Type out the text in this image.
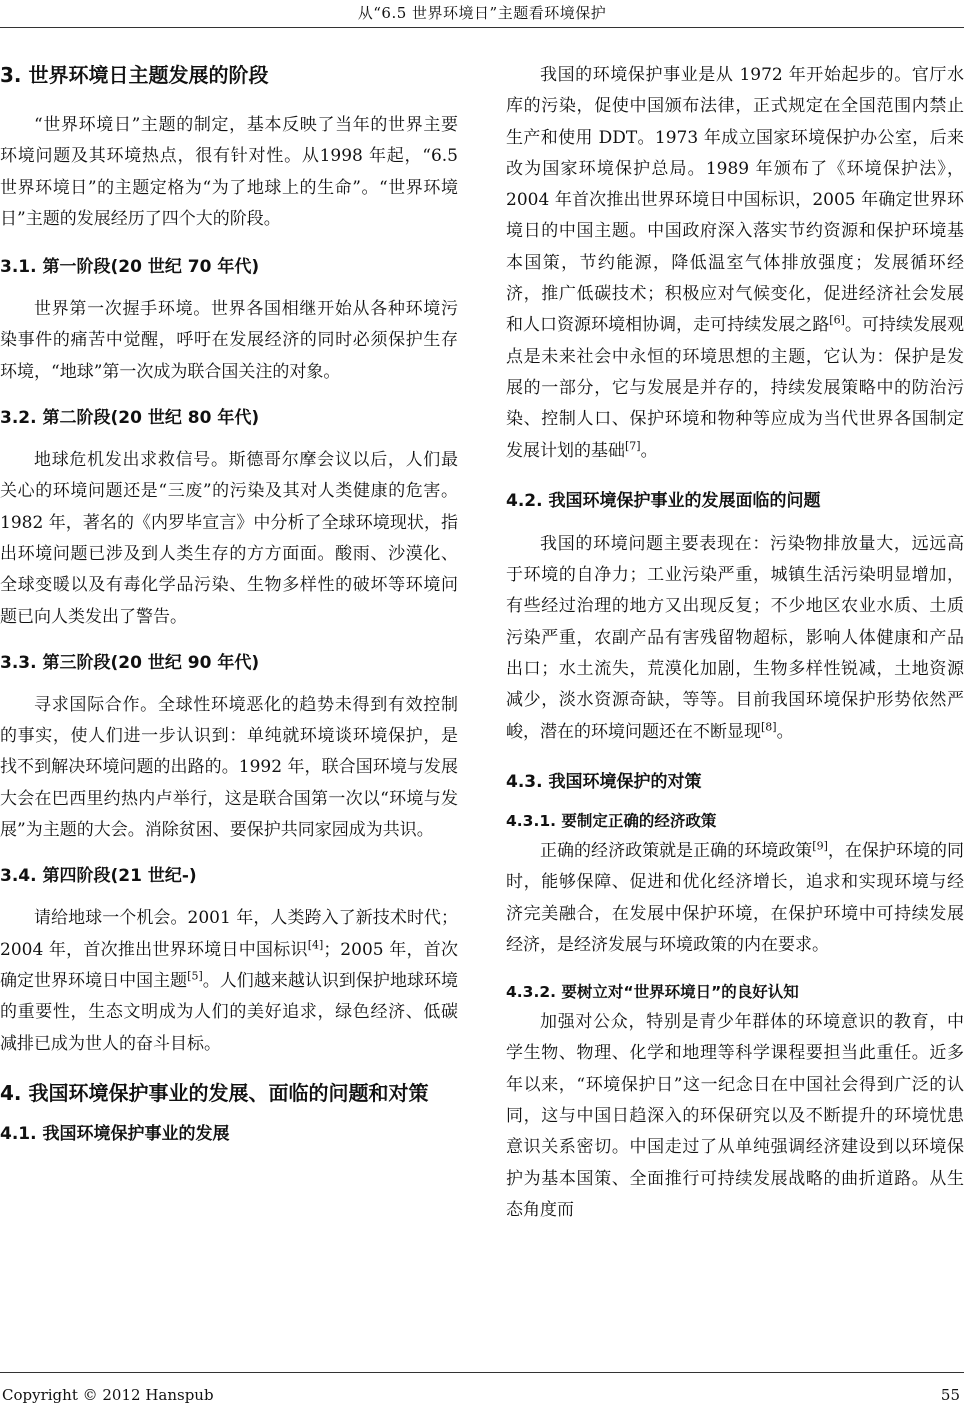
从“6.5 世界环境日”主题看环境保护
3. 世界环境日主题发展的阶段

“世界环境日”主题的制定，基本反映了当年的世界主要环境问题及其环境热点，很有针对性。从1998 年起，“6.5 世界环境日”的主题定格为“为了地球上的生命”。“世界环境日”主题的发展经历了四个大的阶段。

3.1. 第一阶段(20 世纪 70 年代)

世界第一次握手环境。世界各国相继开始从各种环境污染事件的痛苦中觉醒，呼吁在发展经济的同时必须保护生存环境，“地球”第一次成为联合国关注的对象。

3.2. 第二阶段(20 世纪 80 年代)

地球危机发出求救信号。斯德哥尔摩会议以后，人们最关心的环境问题还是“三废”的污染及其对人类健康的危害。1982 年，著名的《内罗毕宣言》中分析了全球环境现状，指出环境问题已涉及到人类生存的方方面面。酸雨、沙漠化、全球变暖以及有毒化学品污染、生物多样性的破坏等环境问题已向人类发出了警告。

3.3. 第三阶段(20 世纪 90 年代)

寻求国际合作。全球性环境恶化的趋势未得到有效控制的事实，使人们进一步认识到：单纯就环境谈环境保护，是找不到解决环境问题的出路的。1992 年，联合国环境与发展大会在巴西里约热内卢举行，这是联合国第一次以“环境与发展”为主题的大会。消除贫困、要保护共同家园成为共识。

3.4. 第四阶段(21 世纪-)

请给地球一个机会。2001 年，人类跨入了新技术时代；2004 年，首次推出世界环境日中国标识[4]；2005 年，首次确定世界环境日中国主题[5]。人们越来越认识到保护地球环境的重要性，生态文明成为人们的美好追求，绿色经济、低碳减排已成为世人的奋斗目标。

4. 我国环境保护事业的发展、面临的问题和对策
4.1. 我国环境保护事业的发展

我国的环境保护事业是从 1972 年开始起步的。官厅水库的污染，促使中国颁布法律，正式规定在全国范围内禁止生产和使用 DDT。1973 年成立国家环境保护办公室，后来改为国家环境保护总局。1989 年颁布了《环境保护法》，2004 年首次推出世界环境日中国标识，2005 年确定世界环境日的中国主题。中国政府深入落实节约资源和保护环境基本国策，节约能源，降低温室气体排放强度；发展循环经济，推广低碳技术；积极应对气候变化，促进经济社会发展和人口资源环境相协调，走可持续发展之路[6]。可持续发展观点是未来社会中永恒的环境思想的主题，它认为：保护是发展的一部分，它与发展是并存的，持续发展策略中的防治污染、控制人口、保护环境和物种等应成为当代世界各国制定发展计划的基础[7]。

4.2. 我国环境保护事业的发展面临的问题

我国的环境问题主要表现在：污染物排放量大，远远高于环境的自净力；工业污染严重，城镇生活污染明显增加，有些经过治理的地方又出现反复；不少地区农业水质、土质污染严重，农副产品有害残留物超标，影响人体健康和产品出口；水土流失，荒漠化加剧，生物多样性锐减，土地资源减少，淡水资源奇缺，等等。目前我国环境保护形势依然严峻，潜在的环境问题还在不断显现[8]。

4.3. 我国环境保护的对策
4.3.1. 要制定正确的经济政策

正确的经济政策就是正确的环境政策[9]，在保护环境的同时，能够保障、促进和优化经济增长，追求和实现环境与经济完美融合，在发展中保护环境，在保护环境中可持续发展经济，是经济发展与环境政策的内在要求。

4.3.2. 要树立对“世界环境日”的良好认知

加强对公众，特别是青少年群体的环境意识的教育，中学生物、物理、化学和地理等科学课程要担当此重任。近多年以来，“环境保护日”这一纪念日在中国社会得到广泛的认同，这与中国日趋深入的环保研究以及不断提升的环境忧患意识关系密切。中国走过了从单纯强调经济建设到以环境保护为基本国策、全面推行可持续发展战略的曲折道路。从生态角度而

Copyright © 2012 Hanspub	55
